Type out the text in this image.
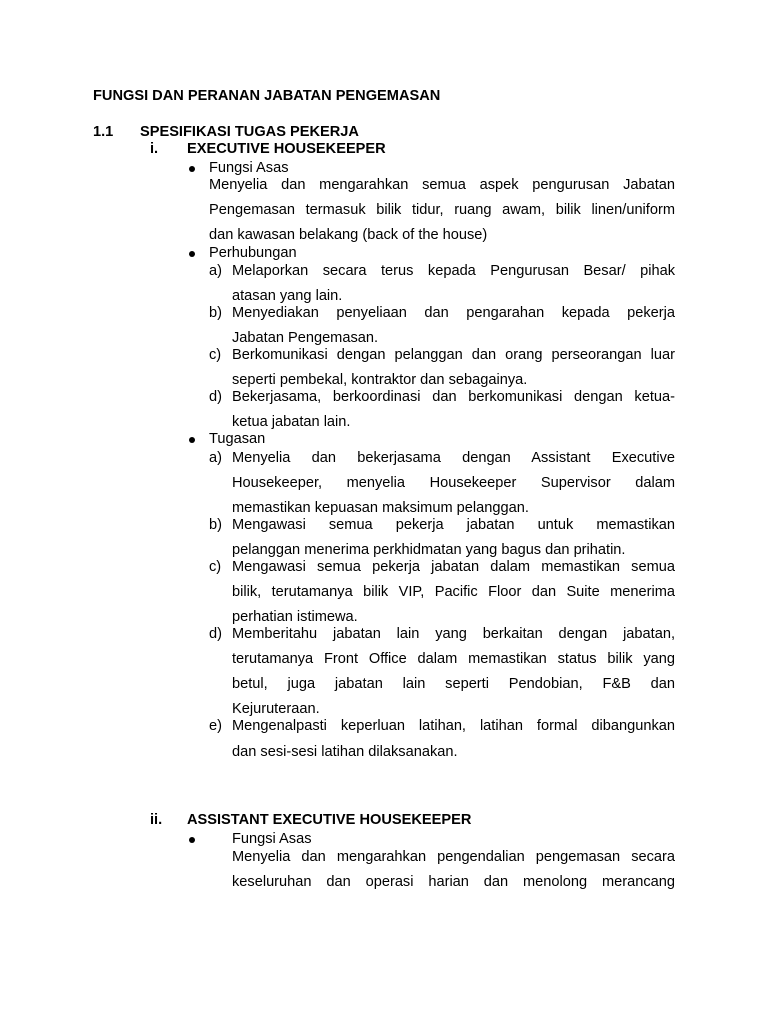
FUNGSI DAN PERANAN JABATAN PENGEMASAN
1.1 SPESIFIKASI TUGAS PEKERJA
i. EXECUTIVE HOUSEKEEPER
Fungsi Asas
Menyelia dan mengarahkan semua aspek pengurusan Jabatan
Pengemasan termasuk bilik tidur, ruang awam, bilik linen/uniform
dan kawasan belakang (back of the house)
Perhubungan
a) Melaporkan secara terus kepada Pengurusan Besar/ pihak
atasan yang lain.
b) Menyediakan penyeliaan dan pengarahan kepada pekerja
Jabatan Pengemasan.
c) Berkomunikasi dengan pelanggan dan orang perseorangan luar
seperti pembekal, kontraktor dan sebagainya.
d) Bekerjasama, berkoordinasi dan berkomunikasi dengan ketua-
ketua jabatan lain.
Tugasan
a) Menyelia dan bekerjasama dengan Assistant Executive
Housekeeper, menyelia Housekeeper Supervisor dalam
memastikan kepuasan maksimum pelanggan.
b) Mengawasi semua pekerja jabatan untuk memastikan
pelanggan menerima perkhidmatan yang bagus dan prihatin.
c) Mengawasi semua pekerja jabatan dalam memastikan semua
bilik, terutamanya bilik VIP, Pacific Floor dan Suite menerima
perhatian istimewa.
d) Memberitahu jabatan lain yang berkaitan dengan jabatan,
terutamanya Front Office dalam memastikan status bilik yang
betul, juga jabatan lain seperti Pendobian, F&B dan
Kejuruteraan.
e) Mengenalpasti keperluan latihan, latihan formal dibangunkan
dan sesi-sesi latihan dilaksanakan.
ii. ASSISTANT EXECUTIVE HOUSEKEEPER
Fungsi Asas
Menyelia dan mengarahkan pengendalian pengemasan secara
keseluruhan dan operasi harian dan menolong merancang
